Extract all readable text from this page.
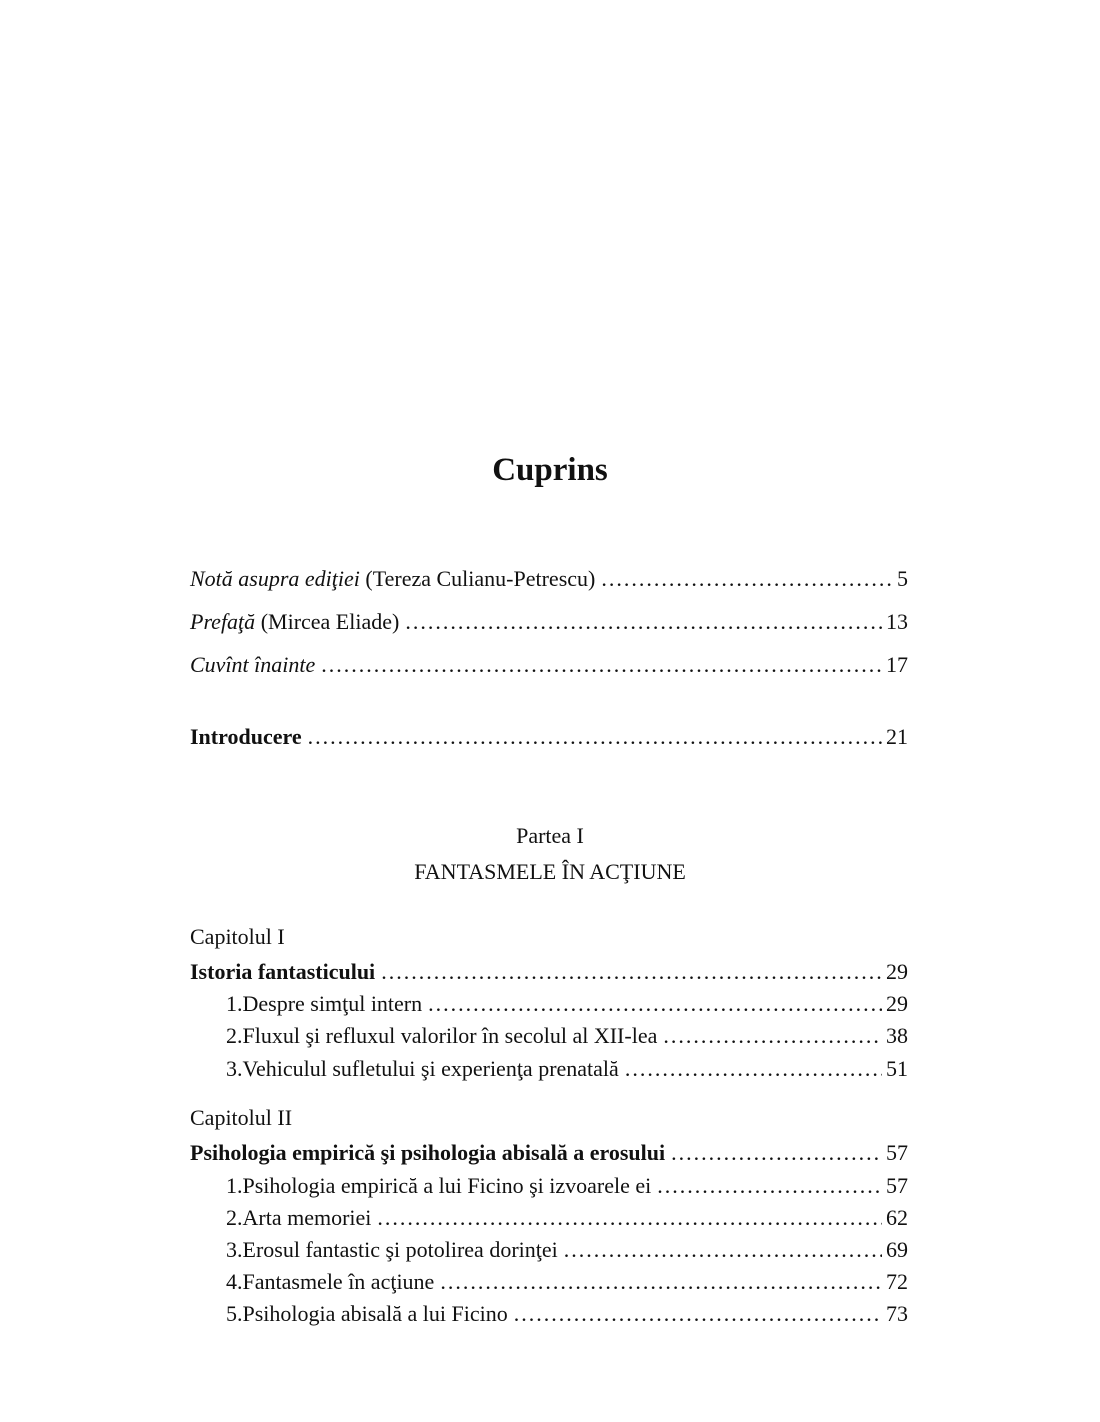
Cuprins
Notă asupra ediţiei (Tereza Culianu-Petrescu) .....	5
Prefaţă (Mircea Eliade) .....	13
Cuvînt înainte .....	17
Introducere .....	21
Partea I
FANTASMELE ÎN ACŢIUNE
Capitolul I
Istoria fantasticului .....	29
1. Despre simţul intern .....	29
2. Fluxul şi refluxul valorilor în secolul al XII-lea .....	38
3. Vehiculul sufletului şi experienţa prenatală .....	51
Capitolul II
Psihologia empirică şi psihologia abisală a erosului .....	57
1. Psihologia empirică a lui Ficino şi izvoarele ei .....	57
2. Arta memoriei .....	62
3. Erosul fantastic şi potolirea dorinţei .....	69
4. Fantasmele în acţiune .....	72
5. Psihologia abisală a lui Ficino .....	73
